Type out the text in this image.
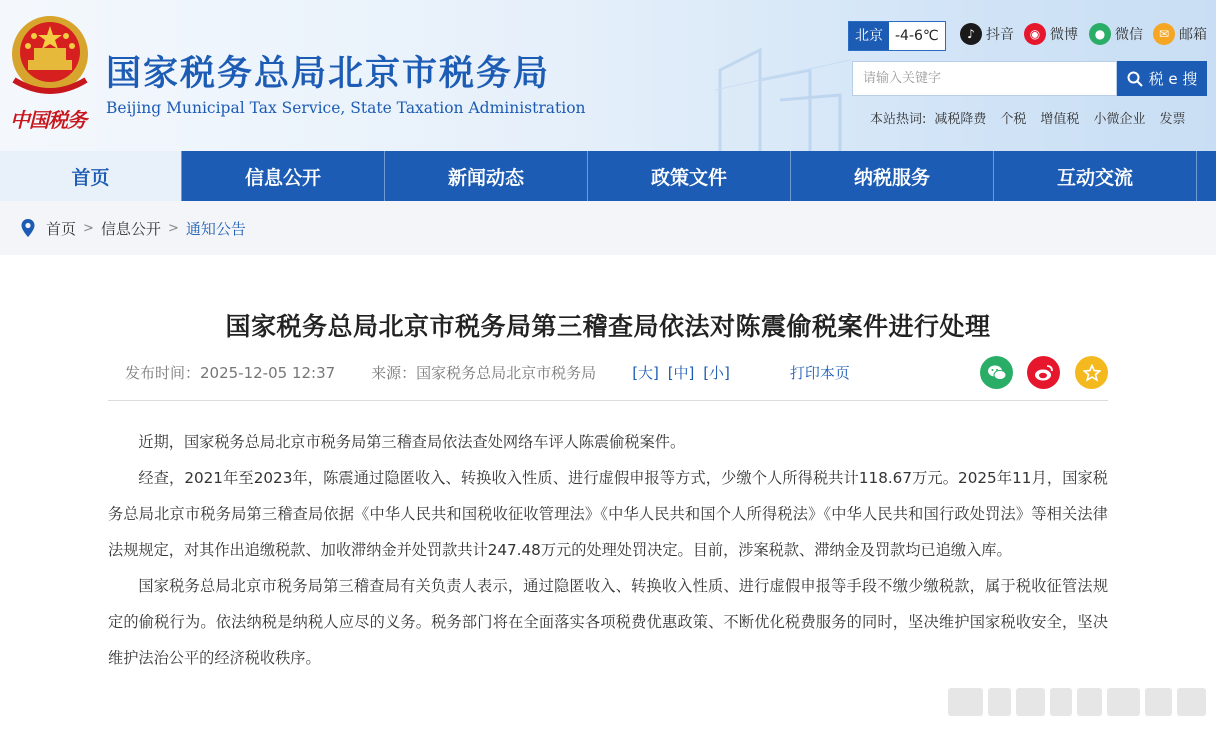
中国税务
国家税务总局北京市税务局
Beijing Municipal Tax Service, State Taxation Administration
北京 -4-6℃	♪ 抖音	◉ 微博	● 微信	✉ 邮箱
请输入关键字	税 e 搜
本站热词: 减税降费 个税 增值税 小微企业 发票
首页	信息公开	新闻动态	政策文件	纳税服务	互动交流
首页 > 信息公开 > 通知公告
国家税务总局北京市税务局第三稽查局依法对陈震偷税案件进行处理
发布时间：2025-12-05 12:37 来源：国家税务总局北京市税务局 [大] [中] [小]	打印本页

近期，国家税务总局北京市税务局第三稽查局依法查处网络车评人陈震偷税案件。

经查，2021年至2023年，陈震通过隐匿收入、转换收入性质、进行虚假申报等方式，少缴个人所得税共计118.67万元。2025年11月，国家税务总局北京市税务局第三稽查局依据《中华人民共和国税收征收管理法》《中华人民共和国个人所得税法》《中华人民共和国行政处罚法》等相关法律法规规定，对其作出追缴税款、加收滞纳金并处罚款共计247.48万元的处理处罚决定。目前，涉案税款、滞纳金及罚款均已追缴入库。

国家税务总局北京市税务局第三稽查局有关负责人表示，通过隐匿收入、转换收入性质、进行虚假申报等手段不缴少缴税款，属于税收征管法规定的偷税行为。依法纳税是纳税人应尽的义务。税务部门将在全面落实各项税费优惠政策、不断优化税费服务的同时，坚决维护国家税收安全，坚决维护法治公平的经济税收秩序。
